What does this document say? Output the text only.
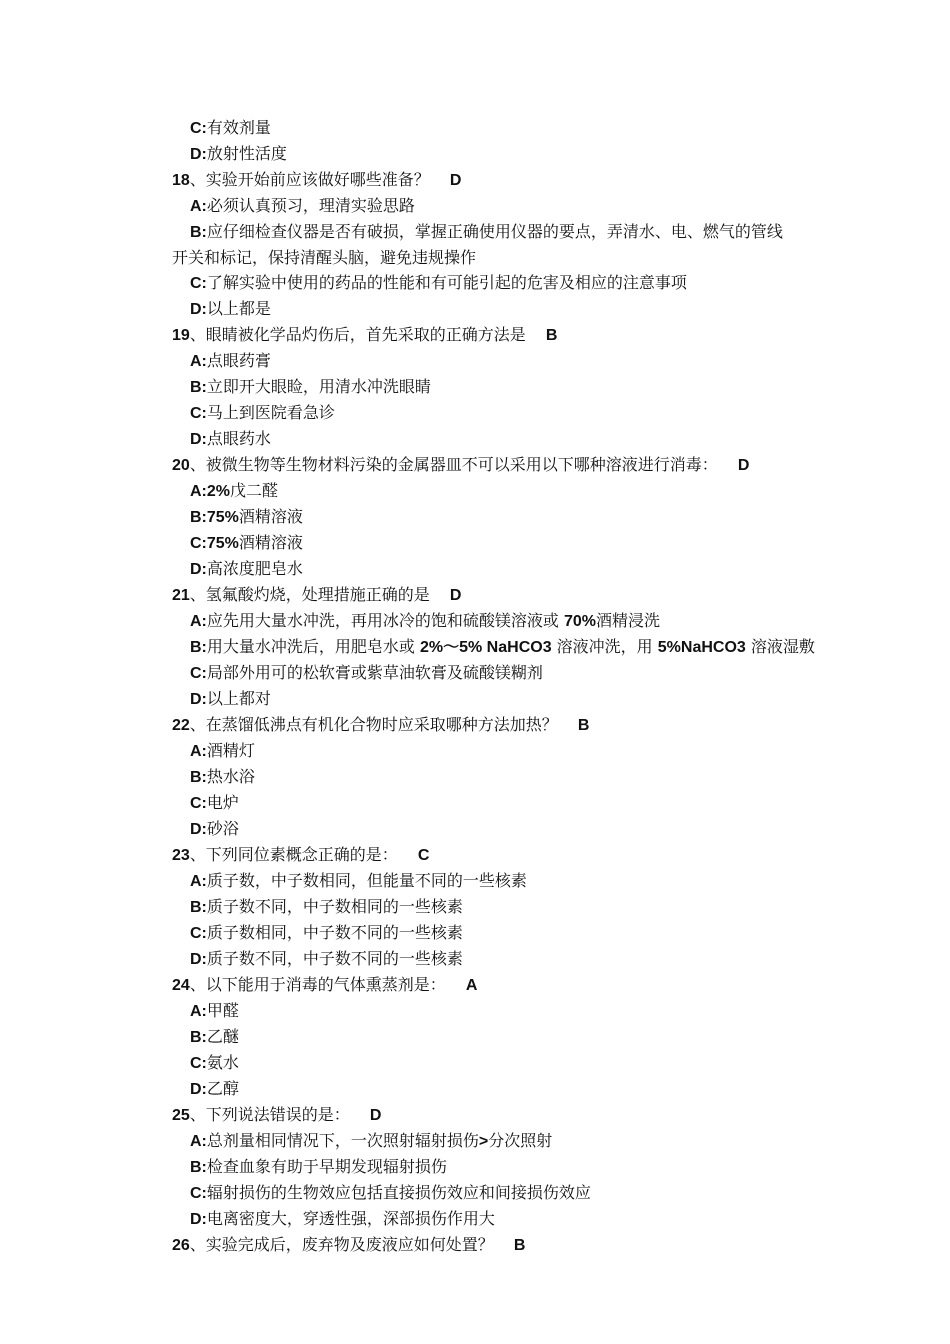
C:有效剂量
D:放射性活度
18、实验开始前应该做好哪些准备？ D
A:必须认真预习，理清实验思路
B:应仔细检查仪器是否有破损，掌握正确使用仪器的要点，弄清水、电、燃气的管线
开关和标记，保持清醒头脑，避免违规操作
C:了解实验中使用的药品的性能和有可能引起的危害及相应的注意事项
D:以上都是
19、眼睛被化学品灼伤后，首先采取的正确方法是 B
A:点眼药膏
B:立即开大眼睑，用清水冲洗眼睛
C:马上到医院看急诊
D:点眼药水
20、被微生物等生物材料污染的金属器皿不可以采用以下哪种溶液进行消毒： D
A:2%戊二醛
B:75%酒精溶液
C:75%酒精溶液
D:高浓度肥皂水
21、氢氟酸灼烧，处理措施正确的是 D
A:应先用大量水冲洗，再用冰冷的饱和硫酸镁溶液或 70%酒精浸洗
B:用大量水冲洗后，用肥皂水或 2%～5% NaHCO3 溶液冲洗，用 5%NaHCO3 溶液湿敷
C:局部外用可的松软膏或紫草油软膏及硫酸镁糊剂
D:以上都对
22、在蒸馏低沸点有机化合物时应采取哪种方法加热？ B
A:酒精灯
B:热水浴
C:电炉
D:砂浴
23、下列同位素概念正确的是： C
A:质子数，中子数相同，但能量不同的一些核素
B:质子数不同，中子数相同的一些核素
C:质子数相同，中子数不同的一些核素
D:质子数不同，中子数不同的一些核素
24、以下能用于消毒的气体熏蒸剂是： A
A:甲醛
B:乙醚
C:氨水
D:乙醇
25、下列说法错误的是： D
A:总剂量相同情况下，一次照射辐射损伤>分次照射
B:检查血象有助于早期发现辐射损伤
C:辐射损伤的生物效应包括直接损伤效应和间接损伤效应
D:电离密度大，穿透性强，深部损伤作用大
26、实验完成后，废弃物及废液应如何处置？ B
